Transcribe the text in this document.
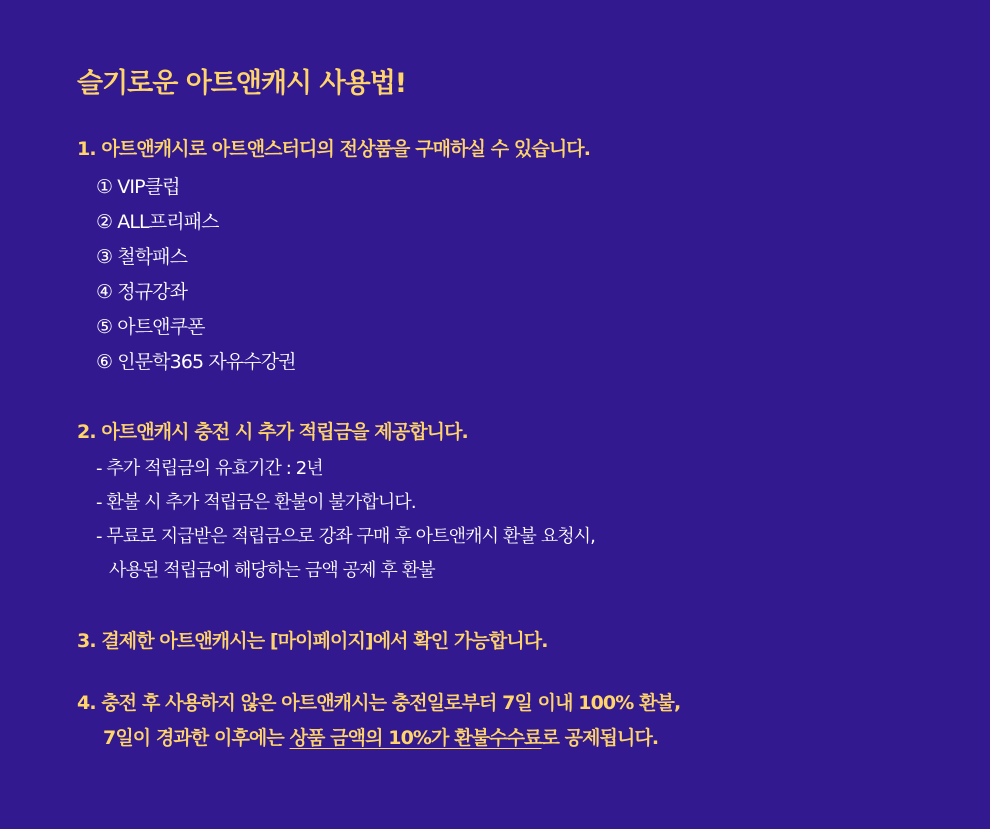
슬기로운 아트앤캐시 사용법!
1. 아트앤캐시로 아트앤스터디의 전상품을 구매하실 수 있습니다.
① VIP클럽
② ALL프리패스
③ 철학패스
④ 정규강좌
⑤ 아트앤쿠폰
⑥ 인문학365 자유수강권
2. 아트앤캐시 충전 시 추가 적립금을 제공합니다.
- 추가 적립금의 유효기간 : 2년
- 환불 시 추가 적립금은 환불이 불가합니다.
- 무료로 지급받은 적립금으로 강좌 구매 후 아트앤캐시 환불 요청시,
사용된 적립금에 해당하는 금액 공제 후 환불
3. 결제한 아트앤캐시는 [마이페이지]에서 확인 가능합니다.
4. 충전 후 사용하지 않은 아트앤캐시는 충전일로부터 7일 이내 100% 환불,
7일이 경과한 이후에는 상품 금액의 10%가 환불수수료로 공제됩니다.
